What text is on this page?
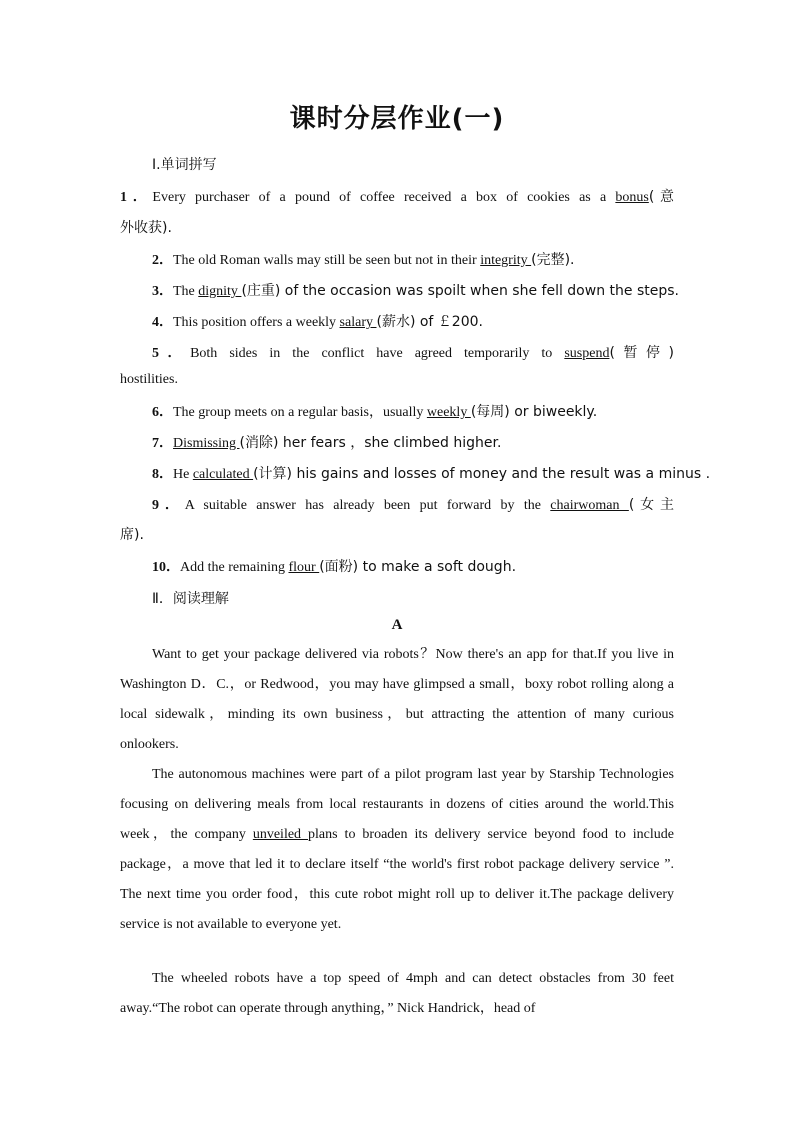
课时分层作业(一)
Ⅰ.单词拼写
1．Every purchaser of a pound of coffee received a box of cookies as a bonus(意
外收获).
2．The old Roman walls may still be seen but not in their integrity (完整).
3．The dignity (庄重) of the occasion was spoilt when she fell down the steps.
4．This position offers a weekly salary (薪水) of ￡200.
5．Both sides in the conflict have agreed temporarily to suspend(暂停)
hostilities.
6．The group meets on a regular basis，usually weekly (每周) or biweekly.
7．Dismissing (消除) her fears ，she climbed higher.
8．He calculated (计算) his gains and losses of money and the result was a minus .
9．A suitable answer has already been put forward by the chairwoman (女主
席).
10．Add the remaining flour (面粉) to make a soft dough.
Ⅱ．阅读理解
A
Want to get your package delivered via robots？Now there's an app for that.If you live in Washington D．C.，or Redwood，you may have glimpsed a small，boxy robot rolling along a local sidewalk，minding its own business，but attracting the attention of many curious onlookers.
The autonomous machines were part of a pilot program last year by Starship Technologies focusing on delivering meals from local restaurants in dozens of cities around the world.This week，the company unveiled plans to broaden its delivery service beyond food to include package，a move that led it to declare itself “the world's first robot package delivery service ”. The next time you order food，this cute robot might roll up to deliver it.The package delivery service is not available to everyone yet.
The wheeled robots have a top speed of 4mph and can detect obstacles from 30 feet away.“The robot can operate through anything，” Nick Handrick，head of
